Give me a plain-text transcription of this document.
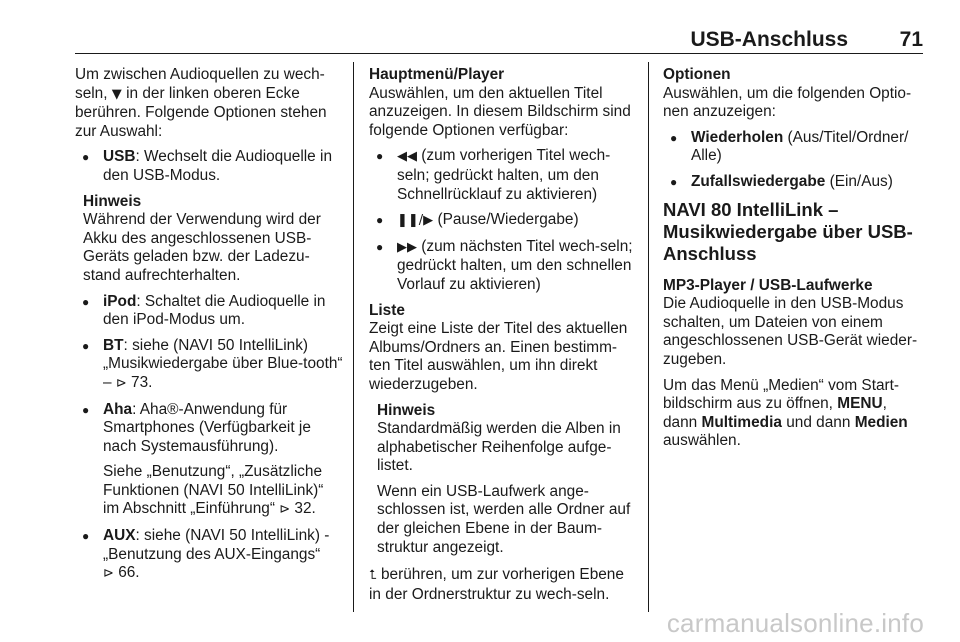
USB-Anschluss 71

Um zwischen Audioquellen zu wech-seln, ▼ in der linken oberen Ecke berühren. Folgende Optionen stehen zur Auswahl:

● USB: Wechselt die Audioquelle in den USB-Modus.
Hinweis

Während der Verwendung wird der Akku des angeschlossenen USB-Geräts geladen bzw. der Ladezu-stand aufrechterhalten.

● iPod: Schaltet die Audioquelle in den iPod-Modus um.
● BT: siehe (NAVI 50 IntelliLink) „Musikwiedergabe über Blue-tooth“ – ⊳ 73.
● Aha: Aha®-Anwendung für Smartphones (Verfügbarkeit je nach Systemausführung).
Siehe „Benutzung“, „Zusätzliche Funktionen (NAVI 50 IntelliLink)“ im Abschnitt „Einführung“ ⊳ 32.
● AUX: siehe (NAVI 50 IntelliLink) - „Benutzung des AUX-Eingangs“
⊳ 66.
Hauptmenü/Player

Auswählen, um den aktuellen Titel anzuzeigen. In diesem Bildschirm sind folgende Optionen verfügbar:

● ◀◀ (zum vorherigen Titel wech-seln; gedrückt halten, um den Schnellrücklauf zu aktivieren)
● ❚❚/▶ (Pause/Wiedergabe)
● ▶▶ (zum nächsten Titel wech-seln; gedrückt halten, um den schnellen Vorlauf zu aktivieren)
Liste

Zeigt eine Liste der Titel des aktuellen Albums/Ordners an. Einen bestimm-ten Titel auswählen, um ihn direkt wiederzugeben.

Hinweis

Standardmäßig werden die Alben in alphabetischer Reihenfolge aufge-listet.

Wenn ein USB-Laufwerk ange-schlossen ist, werden alle Ordner auf der gleichen Ebene in der Baum-struktur angezeigt.

⮤ berühren, um zur vorherigen Ebene in der Ordnerstruktur zu wech-seln.

Optionen

Auswählen, um die folgenden Optio-nen anzuzeigen:

● Wiederholen (Aus/Titel/Ordner/ Alle)
● Zufallswiedergabe (Ein/Aus)
NAVI 80 IntelliLink – Musikwiedergabe über USB-Anschluss
MP3-Player / USB-Laufwerke

Die Audioquelle in den USB-Modus schalten, um Dateien von einem angeschlossenen USB-Gerät wieder-zugeben.

Um das Menü „Medien“ vom Start-bildschirm aus zu öffnen, MENU, dann Multimedia und dann Medien auswählen.

carmanualsonline.info
